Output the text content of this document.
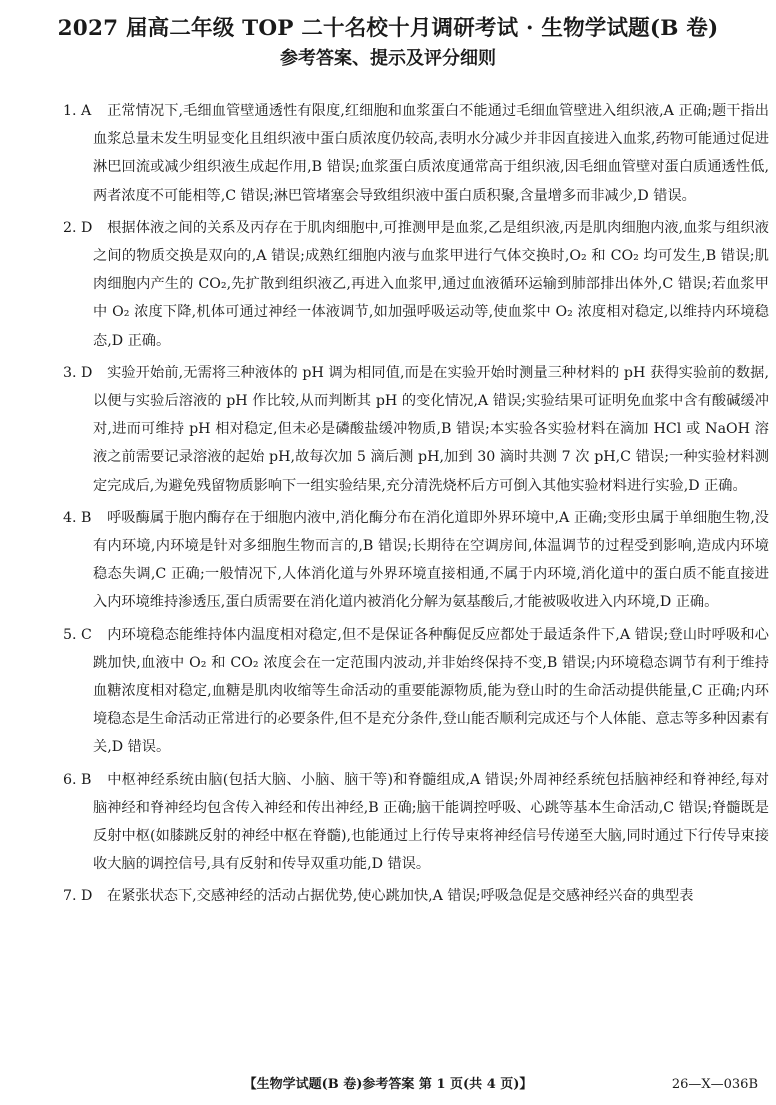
2027 届高二年级 TOP 二十名校十月调研考试 · 生物学试题(B 卷)
参考答案、提示及评分细则
1. A 正常情况下,毛细血管壁通透性有限度,红细胞和血浆蛋白不能通过毛细血管壁进入组织液,A 正确;题干指出血浆总量未发生明显变化且组织液中蛋白质浓度仍较高,表明水分减少并非因直接进入血浆,药物可能通过促进淋巴回流或减少组织液生成起作用,B 错误;血浆蛋白质浓度通常高于组织液,因毛细血管壁对蛋白质通透性低,两者浓度不可能相等,C 错误;淋巴管堵塞会导致组织液中蛋白质积聚,含量增多而非减少,D 错误。
2. D 根据体液之间的关系及丙存在于肌肉细胞中,可推测甲是血浆,乙是组织液,丙是肌肉细胞内液,血浆与组织液之间的物质交换是双向的,A 错误;成熟红细胞内液与血浆甲进行气体交换时,O₂ 和 CO₂ 均可发生,B 错误;肌肉细胞内产生的 CO₂,先扩散到组织液乙,再进入血浆甲,通过血液循环运输到肺部排出体外,C 错误;若血浆甲中 O₂ 浓度下降,机体可通过神经一体液调节,如加强呼吸运动等,使血浆中 O₂ 浓度相对稳定,以维持内环境稳态,D 正确。
3. D 实验开始前,无需将三种液体的 pH 调为相同值,而是在实验开始时测量三种材料的 pH 获得实验前的数据,以便与实验后溶液的 pH 作比较,从而判断其 pH 的变化情况,A 错误;实验结果可证明免血浆中含有酸碱缓冲对,进而可维持 pH 相对稳定,但未必是磷酸盐缓冲物质,B 错误;本实验各实验材料在滴加 HCl 或 NaOH 溶液之前需要记录溶液的起始 pH,故每次加 5 滴后测 pH,加到 30 滴时共测 7 次 pH,C 错误;一种实验材料测定完成后,为避免残留物质影响下一组实验结果,充分清洗烧杯后方可倒入其他实验材料进行实验,D 正确。
4. B 呼吸酶属于胞内酶存在于细胞内液中,消化酶分布在消化道即外界环境中,A 正确;变形虫属于单细胞生物,没有内环境,内环境是针对多细胞生物而言的,B 错误;长期待在空调房间,体温调节的过程受到影响,造成内环境稳态失调,C 正确;一般情况下,人体消化道与外界环境直接相通,不属于内环境,消化道中的蛋白质不能直接进入内环境维持渗透压,蛋白质需要在消化道内被消化分解为氨基酸后,才能被吸收进入内环境,D 正确。
5. C 内环境稳态能维持体内温度相对稳定,但不是保证各种酶促反应都处于最适条件下,A 错误;登山时呼吸和心跳加快,血液中 O₂ 和 CO₂ 浓度会在一定范围内波动,并非始终保持不变,B 错误;内环境稳态调节有利于维持血糖浓度相对稳定,血糖是肌肉收缩等生命活动的重要能源物质,能为登山时的生命活动提供能量,C 正确;内环境稳态是生命活动正常进行的必要条件,但不是充分条件,登山能否顺利完成还与个人体能、意志等多种因素有关,D 错误。
6. B 中枢神经系统由脑(包括大脑、小脑、脑干等)和脊髓组成,A 错误;外周神经系统包括脑神经和脊神经,每对脑神经和脊神经均包含传入神经和传出神经,B 正确;脑干能调控呼吸、心跳等基本生命活动,C 错误;脊髓既是反射中枢(如膝跳反射的神经中枢在脊髓),也能通过上行传导束将神经信号传递至大脑,同时通过下行传导束接收大脑的调控信号,具有反射和传导双重功能,D 错误。
7. D 在紧张状态下,交感神经的活动占据优势,使心跳加快,A 错误;呼吸急促是交感神经兴奋的典型表
【生物学试题(B 卷)参考答案 第 1 页(共 4 页)】	26—X—036B
